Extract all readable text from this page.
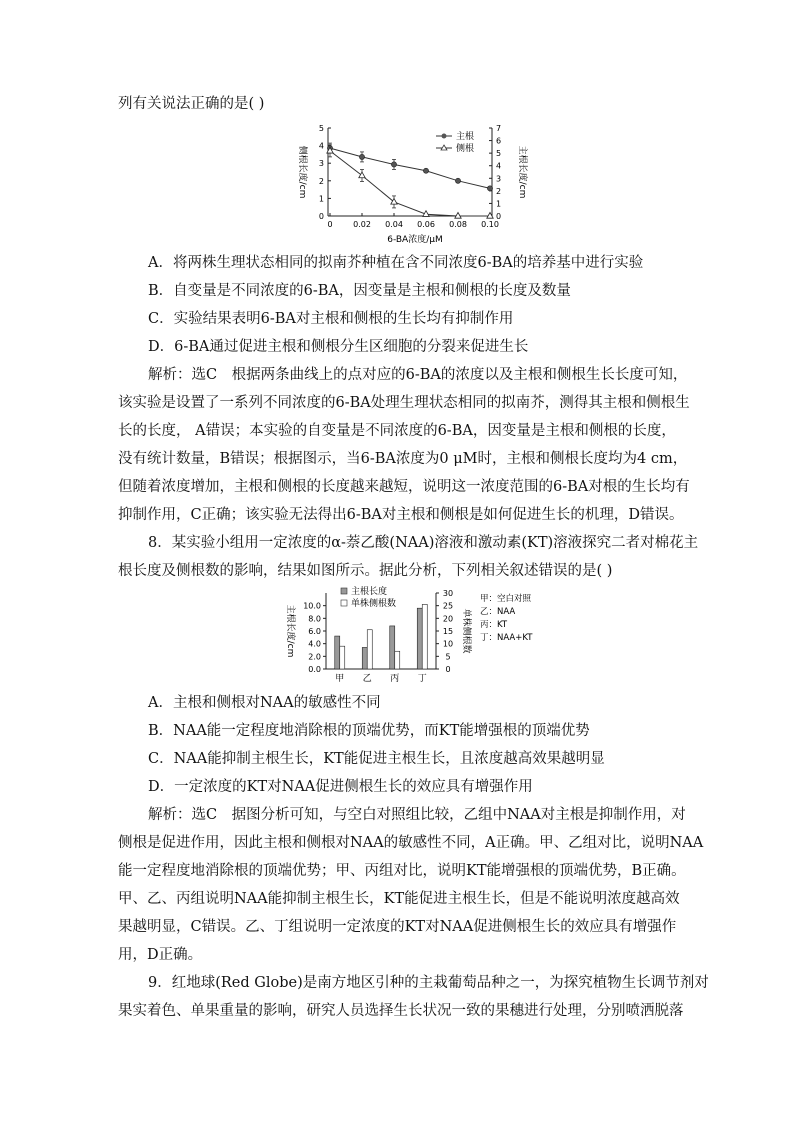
列有关说法正确的是( )
A．将两株生理状态相同的拟南芥种植在含不同浓度6-BA的培养基中进行实验
B．自变量是不同浓度的6-BA，因变量是主根和侧根的长度及数量
C．实验结果表明6-BA对主根和侧根的生长均有抑制作用
D．6-BA通过促进主根和侧根分生区细胞的分裂来促进生长
解析：选C　根据两条曲线上的点对应的6-BA的浓度以及主根和侧根生长长度可知，
该实验是设置了一系列不同浓度的6-BA处理生理状态相同的拟南芥，测得其主根和侧根生
长的长度， A错误；本实验的自变量是不同浓度的6-BA，因变量是主根和侧根的长度，
没有统计数量，B错误；根据图示，当6-BA浓度为0 μM时，主根和侧根长度均为4 cm，
但随着浓度增加，主根和侧根的长度越来越短，说明这一浓度范围的6-BA对根的生长均有
抑制作用，C正确；该实验无法得出6-BA对主根和侧根是如何促进生长的机理，D错误。
8．某实验小组用一定浓度的α-萘乙酸(NAA)溶液和激动素(KT)溶液探究二者对棉花主
根长度及侧根数的影响，结果如图所示。据此分析，下列相关叙述错误的是( )
A．主根和侧根对NAA的敏感性不同
B．NAA能一定程度地消除根的顶端优势，而KT能增强根的顶端优势
C．NAA能抑制主根生长，KT能促进主根生长，且浓度越高效果越明显
D．一定浓度的KT对NAA促进侧根生长的效应具有增强作用
解析：选C　据图分析可知，与空白对照组比较，乙组中NAA对主根是抑制作用，对
侧根是促进作用，因此主根和侧根对NAA的敏感性不同，A正确。甲、乙组对比，说明NAA
能一定程度地消除根的顶端优势；甲、丙组对比，说明KT能增强根的顶端优势，B正确。
甲、乙、丙组说明NAA能抑制主根生长，KT能促进主根生长，但是不能说明浓度越高效
果越明显，C错误。乙、丁组说明一定浓度的KT对NAA促进侧根生长的效应具有增强作
用，D正确。
9．红地球(Red Globe)是南方地区引种的主栽葡萄品种之一，为探究植物生长调节剂对
果实着色、单果重量的影响，研究人员选择生长状况一致的果穗进行处理，分别喷洒脱落
0	0.02 0.04 0.06 0.08 0.10
0
1
2
3
4
5
0
1
2
3
4
5
6
7
侧根长度/cm	主根长度/cm
6-BA浓度/μM
主根
侧根
0.0
2.0
4.0
6.0
8.0
10.0
0
5
10
15
20
25
30
甲 乙 丙 丁
主根长度/cm	单株侧根数
主根长度
单株侧根数	甲：空白对照
乙：NAA
丙：KT
丁：NAA+KT
